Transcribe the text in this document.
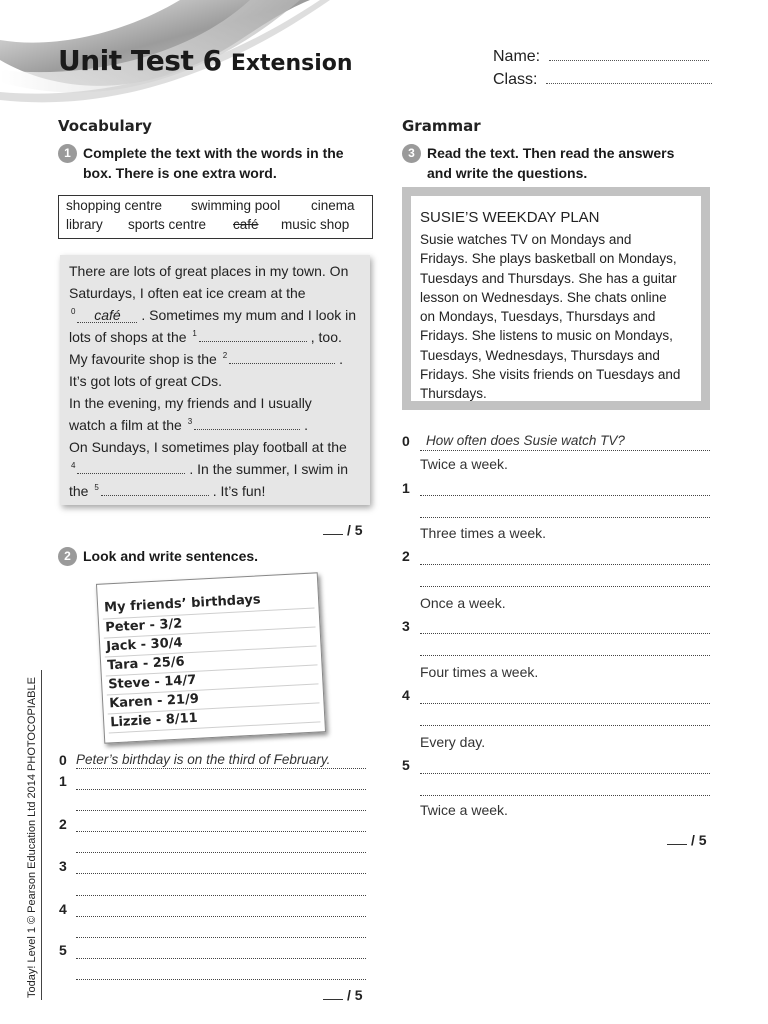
Unit Test 6 Extension	Name:
Class:
Vocabulary
1 Complete the text with the words in the
box. There is one extra word.
shopping centre swimming pool cinema
library sports centre café music shop
There are lots of great places in my town. On
Saturdays, I often eat ice cream at the
$^0$ café . Sometimes my mum and I look in
lots of shops at the $^1$	, too.
My favourite shop is the $^2$	.
It’s got lots of great CDs.
In the evening, my friends and I usually
watch a film at the $^3$	.
On Sundays, I sometimes play football at the
$^4$	. In the summer, I swim in
the $^5$	. It’s fun!
/ 5
2 Look and write sentences.
My friends’ birthdays
Peter - 3/2
Jack - 30/4
Tara - 25/6
Steve - 14/7
Karen - 21/9
Lizzie - 8/11
0 Peter’s birthday is on the third of February.
1
2
3
4
5
/ 5
Grammar
3 Read the text. Then read the answers
and write the questions.
SUSIE’S WEEKDAY PLAN
Susie watches TV on Mondays and
Fridays. She plays basketball on Mondays,
Tuesdays and Thursdays. She has a guitar
lesson on Wednesdays. She chats online
on Mondays, Tuesdays, Thursdays and
Fridays. She listens to music on Mondays,
Tuesdays, Wednesdays, Thursdays and
Fridays. She visits friends on Tuesdays and
Thursdays.
0 How often does Susie watch TV?
Twice a week.
1
Three times a week.
2
Once a week.
3
Four times a week.
4
Every day.
5
Twice a week.
/ 5
Today! Level 1 © Pearson Education Ltd 2014 PHOTOCOPIABLE
